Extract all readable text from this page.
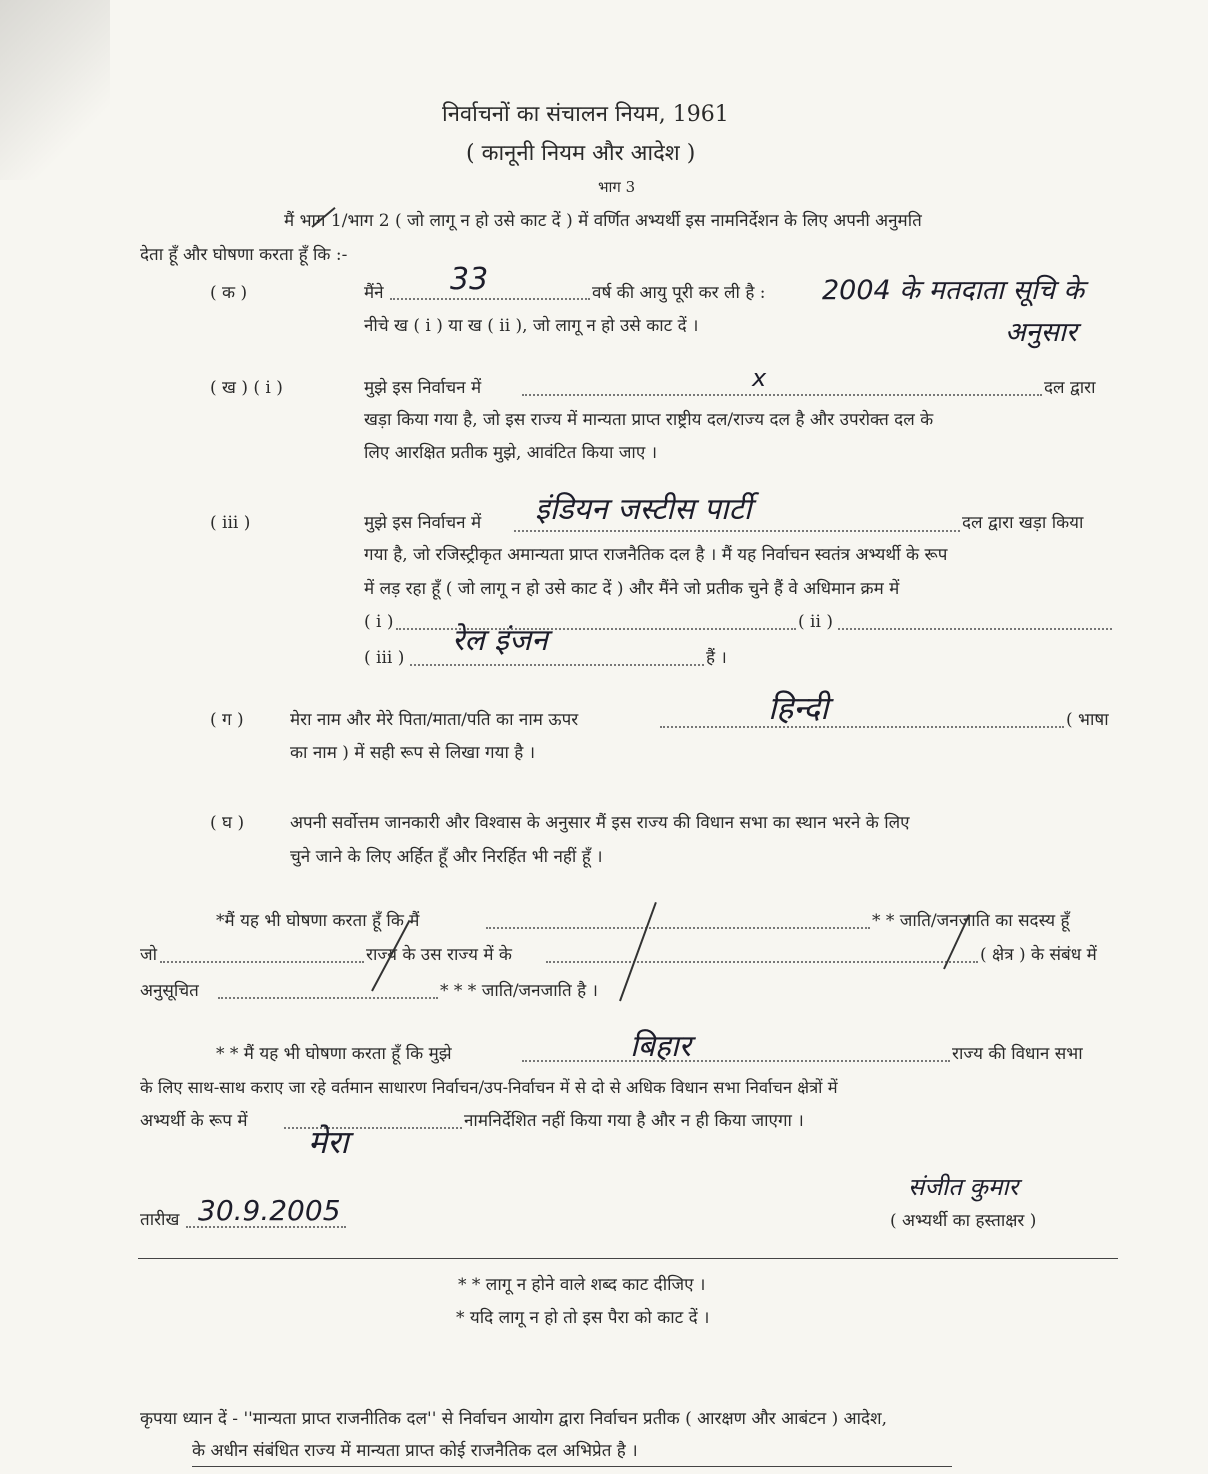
निर्वाचनों का संचालन नियम, 1961
( कानूनी नियम और आदेश )
भाग 3
मैं भाग 1/भाग 2 ( जो लागू न हो उसे काट दें ) में वर्णित अभ्यर्थी इस नामनिर्देशन के लिए अपनी अनुमति
देता हूँ और घोषणा करता हूँ कि :-
( क )	मैंने 33	वर्ष की आयु पूरी कर ली है : 2004 के मतदाता सूचि के
अनुसार
नीचे ख ( i ) या ख ( ii ), जो लागू न हो उसे काट दें ।
( ख ) ( i )	मुझे इस निर्वाचन में	x	दल द्वारा
खड़ा किया गया है, जो इस राज्य में मान्यता प्राप्त राष्ट्रीय दल/राज्य दल है और उपरोक्त दल के
लिए आरक्षित प्रतीक मुझे, आवंटित किया जाए ।
( iii )	मुझे इस निर्वाचन में इंडियन जस्टीस पार्टी	दल द्वारा खड़ा किया
गया है, जो रजिस्ट्रीकृत अमान्यता प्राप्त राजनैतिक दल है । मैं यह निर्वाचन स्वतंत्र अभ्यर्थी के रूप
में लड़ रहा हूँ ( जो लागू न हो उसे काट दें ) और मैंने जो प्रतीक चुने हैं वे अधिमान क्रम में
( i )
रेल इंजन
( ii )
( iii )	हैं ।
( ग )	मेरा नाम और मेरे पिता/माता/पति का नाम ऊपर	हिन्दी	( भाषा
का नाम ) में सही रूप से लिखा गया है ।
( घ )	अपनी सर्वोत्तम जानकारी और विश्वास के अनुसार मैं इस राज्य की विधान सभा का स्थान भरने के लिए
चुने जाने के लिए अर्हित हूँ और निरर्हित भी नहीं हूँ ।
*मैं यह भी घोषणा करता हूँ कि मैं	* * जाति/जनजाति का सदस्य हूँ
जो	राज्य के उस राज्य में के	( क्षेत्र ) के संबंध में
अनुसूचित	* * * जाति/जनजाति है ।
* * मैं यह भी घोषणा करता हूँ कि मुझे	बिहार	राज्य की विधान सभा
के लिए साथ-साथ कराए जा रहे वर्तमान साधारण निर्वाचन/उप-निर्वाचन में से दो से अधिक विधान सभा निर्वाचन क्षेत्रों में
अभ्यर्थी के रूप में
मेरा
नामनिर्देशित नहीं किया गया है और न ही किया जाएगा ।
तारीख 30.9.2005
संजीत कुमार
( अभ्यर्थी का हस्ताक्षर )
* * लागू न होने वाले शब्द काट दीजिए ।
* यदि लागू न हो तो इस पैरा को काट दें ।
कृपया ध्यान दें - ''मान्यता प्राप्त राजनीतिक दल'' से निर्वाचन आयोग द्वारा निर्वाचन प्रतीक ( आरक्षण और आबंटन ) आदेश,
के अधीन संबंधित राज्य में मान्यता प्राप्त कोई राजनैतिक दल अभिप्रेत है ।
